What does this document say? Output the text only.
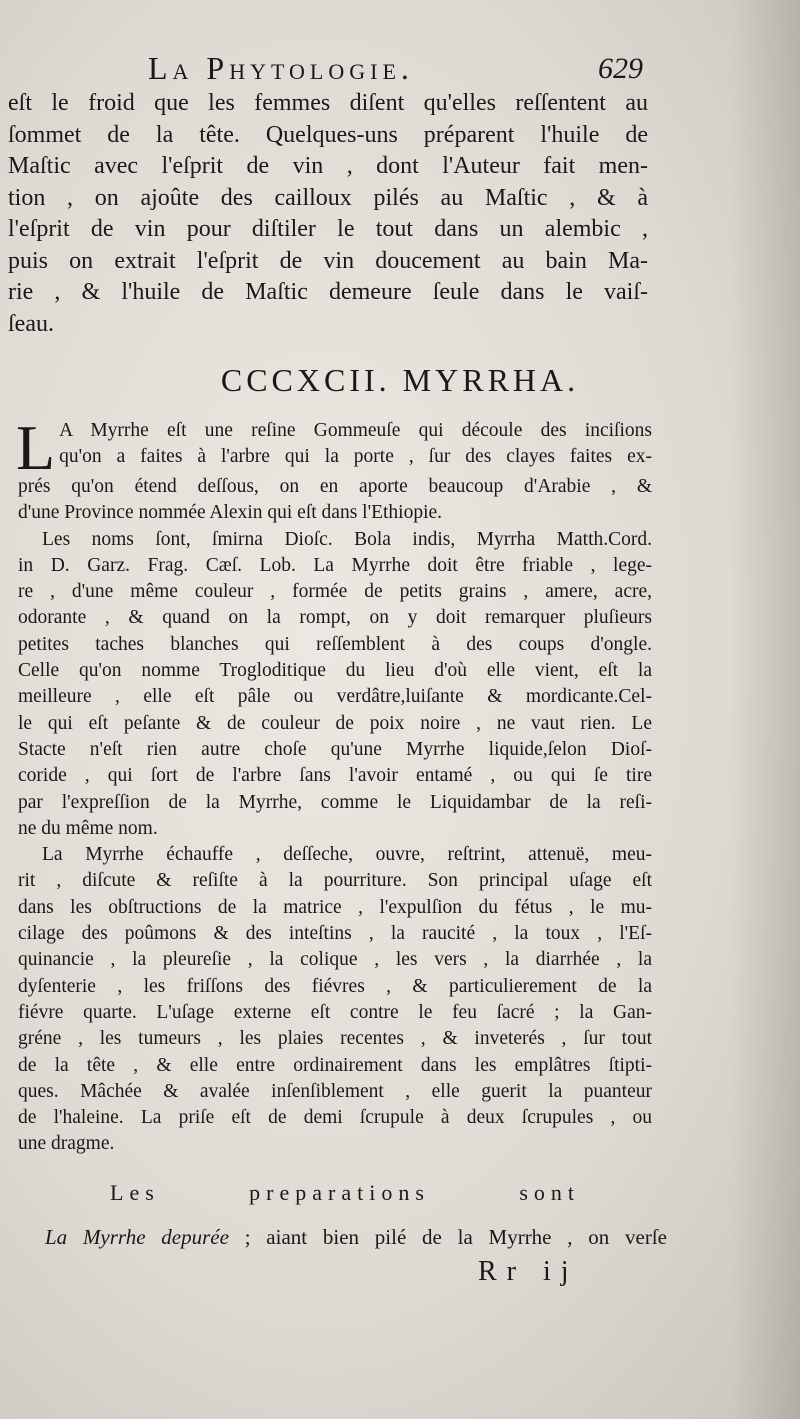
La Phytologie.	629
eſt le froid que les femmes diſent qu'elles reſſentent au
ſommet de la tête. Quelques-uns préparent l'huile de
Maſtic avec l'eſprit de vin , dont l'Auteur fait men-
tion , on ajoûte des cailloux pilés au Maſtic , & à
l'eſprit de vin pour diſtiler le tout dans un alembic ,
puis on extrait l'eſprit de vin doucement au bain Ma-
rie , & l'huile de Maſtic demeure ſeule dans le vaiſ-
ſeau.
CCCXCII. MYRRHA.
L A Myrrhe eſt une reſine Gommeuſe qui découle des inciſions
qu'on a faites à l'arbre qui la porte , ſur des clayes faites ex-
prés qu'on étend deſſous, on en aporte beaucoup d'Arabie , &
d'une Province nommée Alexin qui eſt dans l'Ethiopie.
Les noms ſont, ſmirna Dioſc. Bola indis, Myrrha Matth.Cord.
in D. Garz. Frag. Cæſ. Lob. La Myrrhe doit être friable , lege-
re , d'une même couleur , formée de petits grains , amere, acre,
odorante , & quand on la rompt, on y doit remarquer pluſieurs
petites taches blanches qui reſſemblent à des coups d'ongle.
Celle qu'on nomme Trogloditique du lieu d'où elle vient, eſt la
meilleure , elle eſt pâle ou verdâtre,luiſante & mordicante.Cel-
le qui eſt peſante & de couleur de poix noire , ne vaut rien. Le
Stacte n'eſt rien autre choſe qu'une Myrrhe liquide,ſelon Dioſ-
coride , qui ſort de l'arbre ſans l'avoir entamé , ou qui ſe tire
par l'expreſſion de la Myrrhe, comme le Liquidambar de la reſi-
ne du même nom.
La Myrrhe échauffe , deſſeche, ouvre, reſtrint, attenuë, meu-
rit , diſcute & reſiſte à la pourriture. Son principal uſage eſt
dans les obſtructions de la matrice , l'expulſion du fétus , le mu-
cilage des poûmons & des inteſtins , la raucité , la toux , l'Eſ-
quinancie , la pleureſie , la colique , les vers , la diarrhée , la
dyſenterie , les friſſons des fiévres , & particulierement de la
fiévre quarte. L'uſage externe eſt contre le feu ſacré ; la Gan-
gréne , les tumeurs , les plaies recentes , & inveterés , ſur tout
de la tête , & elle entre ordinairement dans les emplâtres ſtipti-
ques. Mâchée & avalée inſenſiblement , elle guerit la puanteur
de l'haleine. La priſe eſt de demi ſcrupule à deux ſcrupules , ou
une dragme.
Les preparations sont
La Myrrhe depurée ; aiant bien pilé de la Myrrhe , on verſe
Rr ij
